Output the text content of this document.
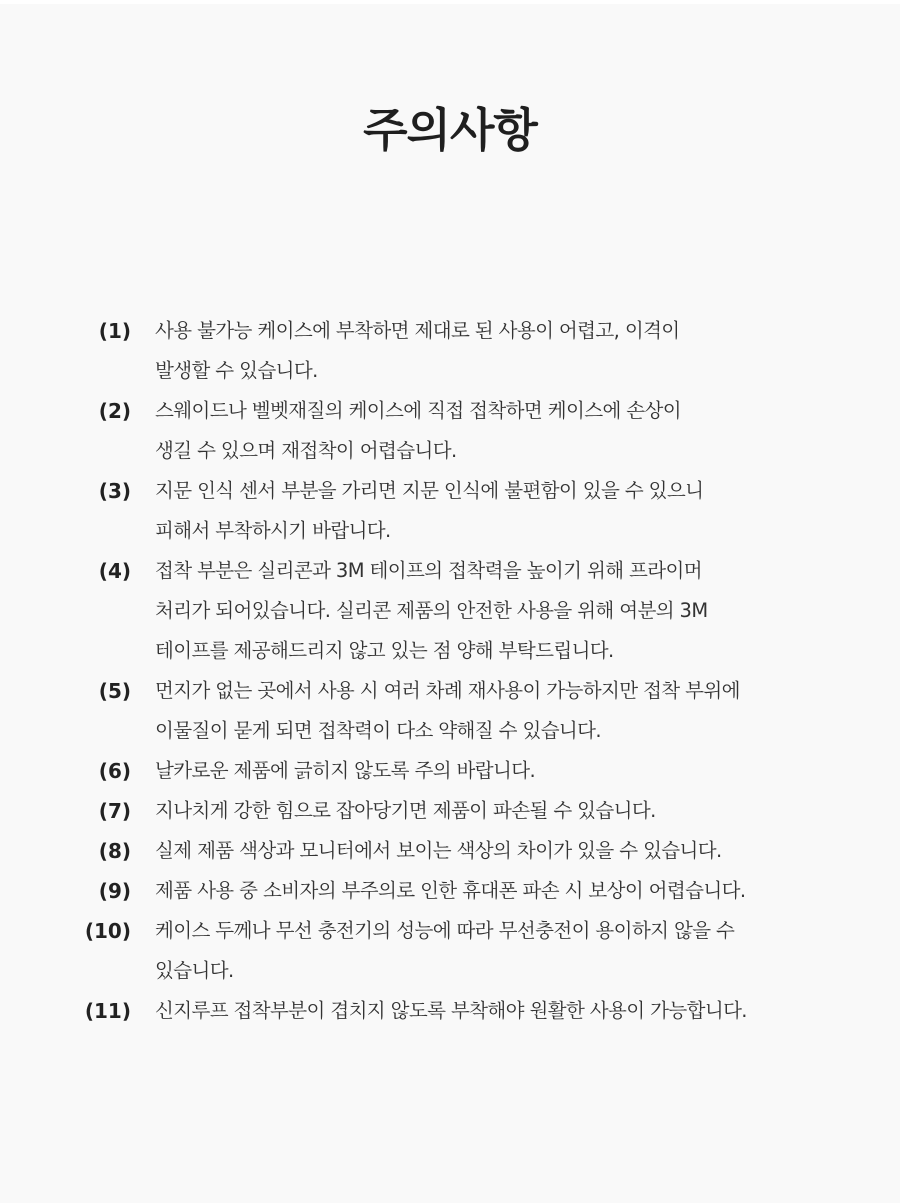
주의사항
(1)	사용 불가능 케이스에 부착하면 제대로 된 사용이 어렵고, 이격이
발생할 수 있습니다.
(2)	스웨이드나 벨벳재질의 케이스에 직접 접착하면 케이스에 손상이
생길 수 있으며 재접착이 어렵습니다.
(3)	지문 인식 센서 부분을 가리면 지문 인식에 불편함이 있을 수 있으니
피해서 부착하시기 바랍니다.
(4)	접착 부분은 실리콘과 3M 테이프의 접착력을 높이기 위해 프라이머
처리가 되어있습니다. 실리콘 제품의 안전한 사용을 위해 여분의 3M
테이프를 제공해드리지 않고 있는 점 양해 부탁드립니다.
(5)	먼지가 없는 곳에서 사용 시 여러 차례 재사용이 가능하지만 접착 부위에
이물질이 묻게 되면 접착력이 다소 약해질 수 있습니다.
(6)	날카로운 제품에 긁히지 않도록 주의 바랍니다.
(7)	지나치게 강한 힘으로 잡아당기면 제품이 파손될 수 있습니다.
(8)	실제 제품 색상과 모니터에서 보이는 색상의 차이가 있을 수 있습니다.
(9)	제품 사용 중 소비자의 부주의로 인한 휴대폰 파손 시 보상이 어렵습니다.
(10)	케이스 두께나 무선 충전기의 성능에 따라 무선충전이 용이하지 않을 수
있습니다.
(11)	신지루프 접착부분이 겹치지 않도록 부착해야 원활한 사용이 가능합니다.
